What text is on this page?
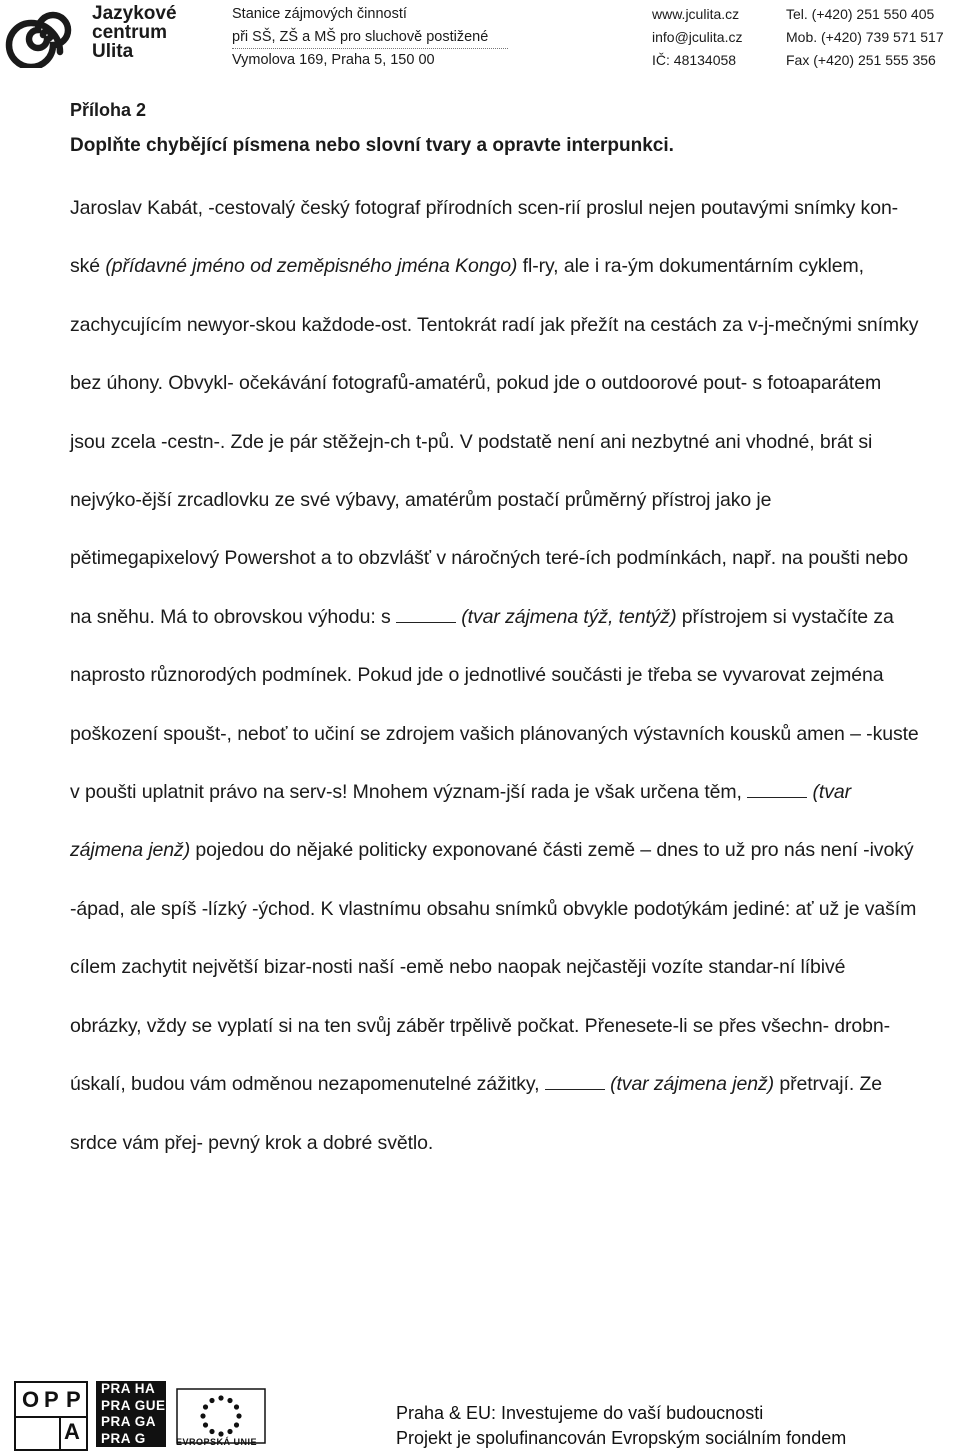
Jazykové
centrum
Ulita
Stanice zájmových činností
při SŠ, ZŠ a MŠ pro sluchově postižené
Vymolova 169, Praha 5, 150 00
www.jculita.cz
info@jculita.cz
IČ: 48134058
Tel. (+420) 251 550 405
Mob. (+420) 739 571 517
Fax (+420) 251 555 356

Příloha 2

Doplňte chybějící písmena nebo slovní tvary a opravte interpunkci.

Jaroslav Kabát, -cestovalý český fotograf přírodních scen-rií proslul nejen poutavými snímky kon-ské (přídavné jméno od zeměpisného jména Kongo) fl-ry, ale i ra-ým dokumentárním cyklem, zachycujícím newyor-skou každode-ost. Tentokrát radí jak přežít na cestách za v-j-mečnými snímky bez úhony. Obvykl- očekávání fotografů-amatérů, pokud jde o outdoorové pout- s fotoaparátem jsou zcela -cestn-. Zde je pár stěžejn-ch t-pů. V podstatě není ani nezbytné ani vhodné, brát si nejvýko-ější zrcadlovku ze své výbavy, amatérům postačí průměrný přístroj jako je pětimegapixelový Powershot a to obzvlášť v náročných teré-ích podmínkách, např. na poušti nebo na sněhu. Má to obrovskou výhodu: s	(tvar zájmena týž, tentýž) přístrojem si vystačíte za naprosto různorodých podmínek. Pokud jde o jednotlivé součásti je třeba se vyvarovat zejména poškození spoušt-, neboť to učiní se zdrojem vašich plánovaných výstavních kousků amen – -kuste v poušti uplatnit právo na serv-s! Mnohem význam-jší rada je však určena těm,	(tvar zájmena jenž) pojedou do nějaké politicky exponované části země – dnes to už pro nás není -ivoký -ápad, ale spíš -lízký -ýchod. K vlastnímu obsahu snímků obvykle podotýkám jediné: ať už je vaším cílem zachytit největší bizar-nosti naší -emě nebo naopak nejčastěji vozíte standar-ní líbivé obrázky, vždy se vyplatí si na ten svůj záběr trpělivě počkat. Přenesete-li se přes všechn- drobn- úskalí, budou vám odměnou nezapomenutelné zážitky,	(tvar zájmena jenž) přetrvají. Ze srdce vám přej- pevný krok a dobré světlo.

O P P
A
PRA HA
PRA GUE
PRA GA
PRA G	EVROPSKÁ UNIE
Praha & EU: Investujeme do vaší budoucnosti
Projekt je spolufinancován Evropským sociálním fondem
